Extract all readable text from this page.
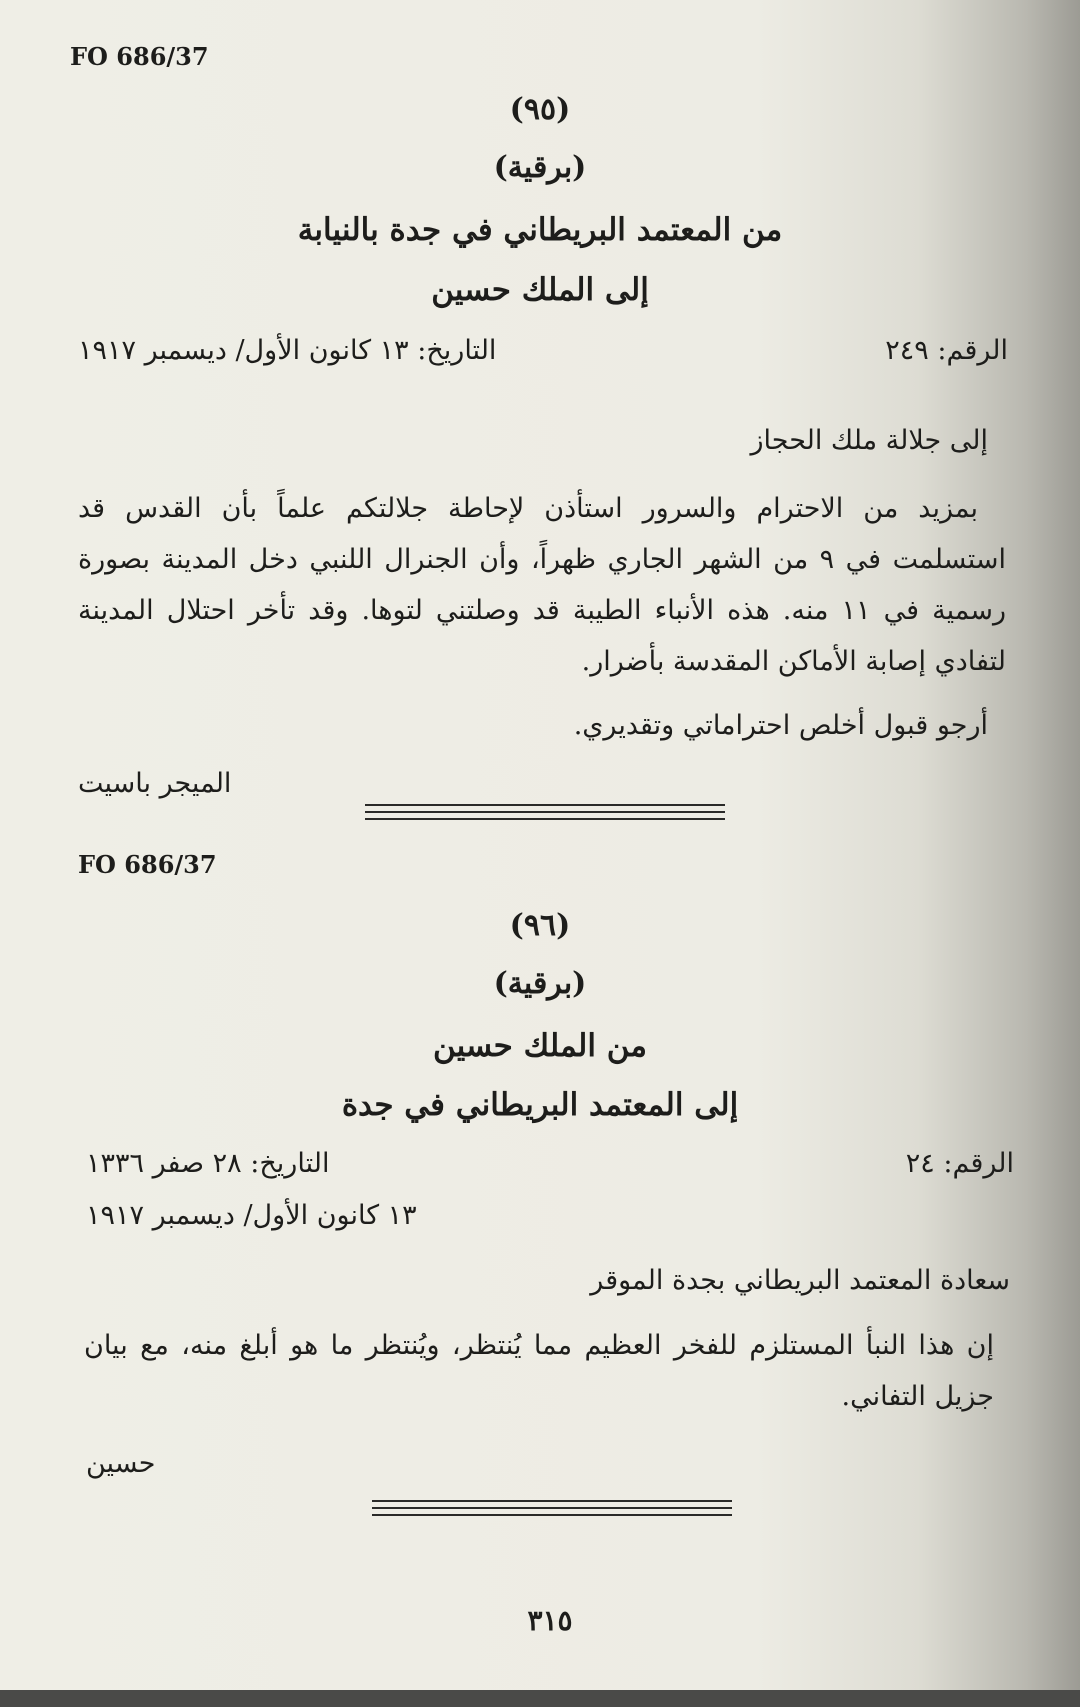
FO 686/37
(٩٥)
(برقية)
من المعتمد البريطاني في جدة بالنيابة
إلى الملك حسين
الرقم: ٢٤٩
التاريخ: ١٣ كانون الأول/ ديسمبر ١٩١٧
إلى جلالة ملك الحجاز
بمزيد من الاحترام والسرور استأذن لإحاطة جلالتكم علماً بأن القدس قد استسلمت في ٩ من الشهر الجاري ظهراً، وأن الجنرال اللنبي دخل المدينة بصورة رسمية في ١١ منه. هذه الأنباء الطيبة قد وصلتني لتوها. وقد تأخر احتلال المدينة لتفادي إصابة الأماكن المقدسة بأضرار.
أرجو قبول أخلص احتراماتي وتقديري.
الميجر باسيت
FO 686/37
(٩٦)
(برقية)
من الملك حسين
إلى المعتمد البريطاني في جدة
الرقم: ٢٤
التاريخ: ٢٨ صفر ١٣٣٦
١٣ كانون الأول/ ديسمبر ١٩١٧
سعادة المعتمد البريطاني بجدة الموقر
إن هذا النبأ المستلزم للفخر العظيم مما يُنتظر، ويُنتظر ما هو أبلغ منه، مع بيان جزيل التفاني.
حسين
٣١٥
